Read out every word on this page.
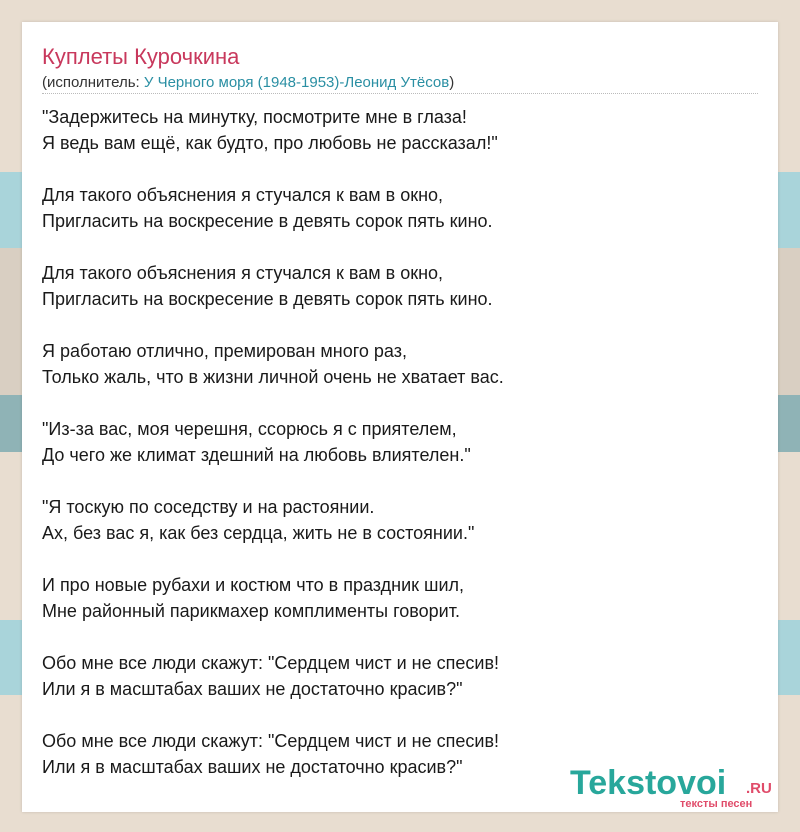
Куплеты Курочкина
(исполнитель: У Черного моря (1948-1953)-Леонид Утёсов)
"Задержитесь на минутку, посмотрите мне в глаза!
Я ведь вам ещё, как будто, про любовь не рассказал!"
Для такого объяснения я стучался к вам в окно,
Пригласить на воскресение в девять сорок пять кино.
Для такого объяснения я стучался к вам в окно,
Пригласить на воскресение в девять сорок пять кино.
Я работаю отлично, премирован много раз,
Только жаль, что в жизни личной очень не хватает вас.
"Из-за вас, моя черешня, ссорюсь я с приятелем,
До чего же климат здешний на любовь влиятелен."
"Я тоскую по соседству и на растоянии.
Ах, без вас я, как без сердца, жить не в состоянии."
И про новые рубахи и костюм что в праздник шил,
Мне районный парикмахер комплименты говорит.
Обо мне все люди скажут: "Сердцем чист и не спесив!
Или я в масштабах ваших не достаточно красив?"
Обо мне все люди скажут: "Сердцем чист и не спесив!
Или я в масштабах ваших не достаточно красив?"	Tekstovoi .RU
тексты песен
